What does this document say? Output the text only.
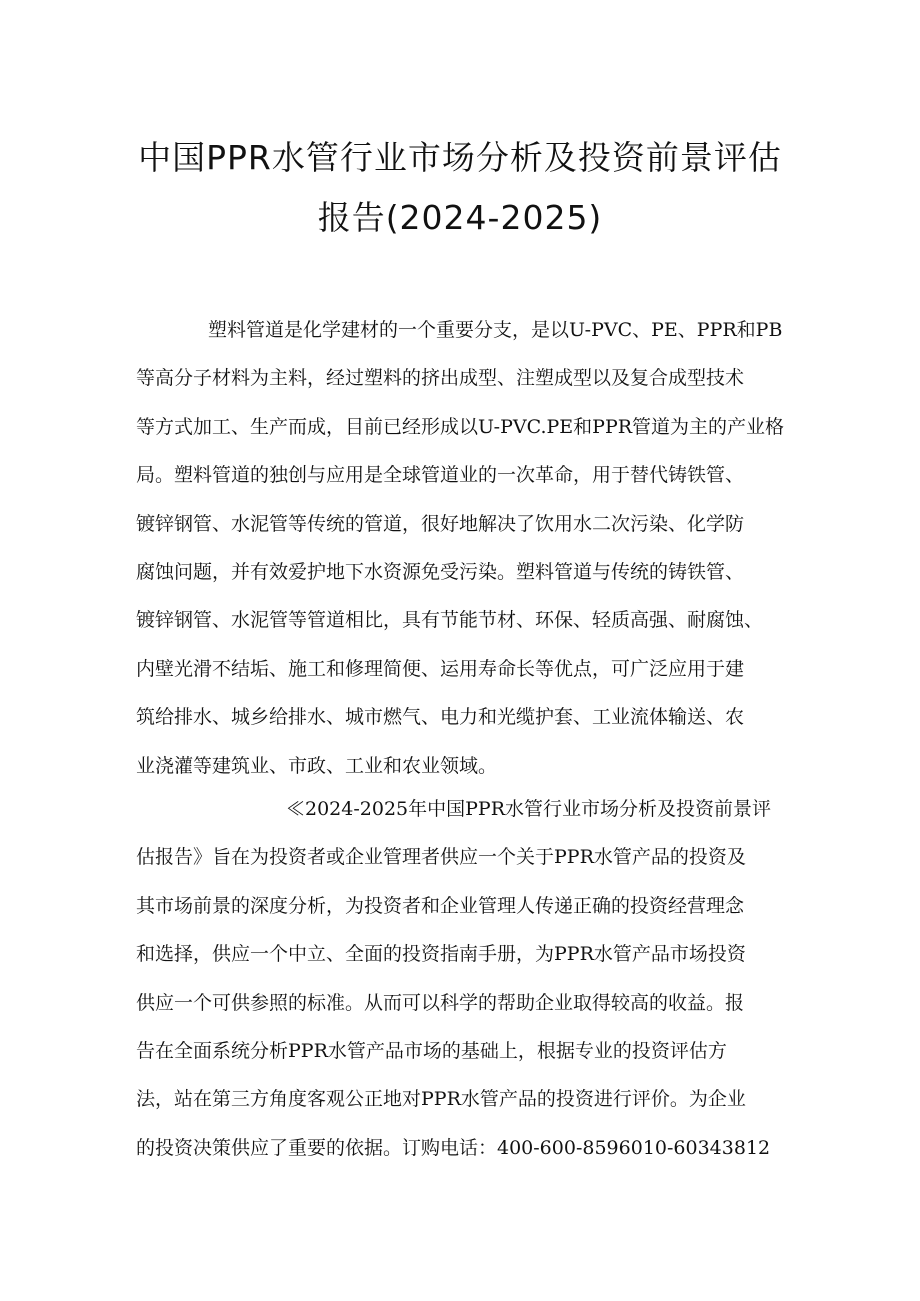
中国PPR水管行业市场分析及投资前景评估
报告(2024-2025)
塑料管道是化学建材的一个重要分支，是以U-PVC、PE、PPR和PB
等高分子材料为主料，经过塑料的挤出成型、注塑成型以及复合成型技术
等方式加工、生产而成，目前已经形成以U-PVC.PE和PPR管道为主的产业格
局。塑料管道的独创与应用是全球管道业的一次革命，用于替代铸铁管、
镀锌钢管、水泥管等传统的管道，很好地解决了饮用水二次污染、化学防
腐蚀问题，并有效爱护地下水资源免受污染。塑料管道与传统的铸铁管、
镀锌钢管、水泥管等管道相比，具有节能节材、环保、轻质高强、耐腐蚀、
内壁光滑不结垢、施工和修理简便、运用寿命长等优点，可广泛应用于建
筑给排水、城乡给排水、城市燃气、电力和光缆护套、工业流体输送、农
业浇灌等建筑业、市政、工业和农业领域。
≪2024-2025年中国PPR水管行业市场分析及投资前景评
估报告》旨在为投资者或企业管理者供应一个关于PPR水管产品的投资及
其市场前景的深度分析，为投资者和企业管理人传递正确的投资经营理念
和选择，供应一个中立、全面的投资指南手册，为PPR水管产品市场投资
供应一个可供参照的标准。从而可以科学的帮助企业取得较高的收益。报
告在全面系统分析PPR水管产品市场的基础上，根据专业的投资评估方
法，站在第三方角度客观公正地对PPR水管产品的投资进行评价。为企业
的投资决策供应了重要的依据。订购电话：400-600-8596010-60343812
